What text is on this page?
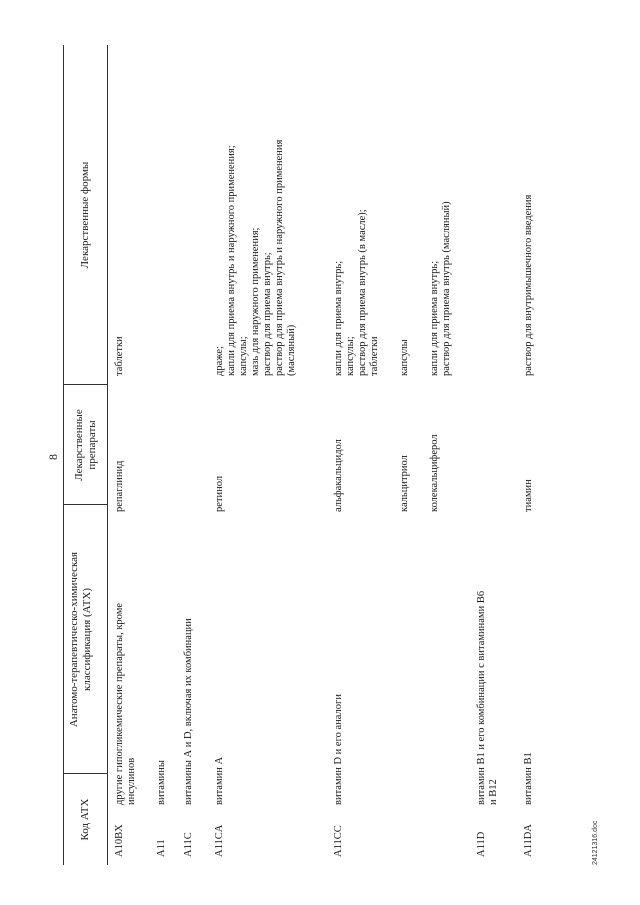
8
Код АТХ
Анатомо-терапевтическо-химическая классификация (АТХ)
Лекарственные препараты
Лекарственные формы
A10BX
другие гипогликемические препараты, кроме инсулинов
репаглинид
таблетки
A11
витамины
A11C
витамины А и D, включая их комбинации
A11CA
витамин А
ретинол
драже; капли для приема внутрь и наружного применения; капсулы; мазь для наружного применения; раствор для приема внутрь; раствор для приема внутрь и наружного применения (масляный)
A11CC
витамин D и его аналоги
альфакальцидол
капли для приема внутрь; капсулы; раствор для приема внутрь (в масле); таблетки
кальцитриол
капсулы
колекальциферол
капли для приема внутрь; раствор для приема внутрь (масляный)
A11D
витамин В1 и его комбинации с витаминами В6 и В12
A11DA
витамин В1
тиамин
раствор для внутримышечного введения
24121316.doc
